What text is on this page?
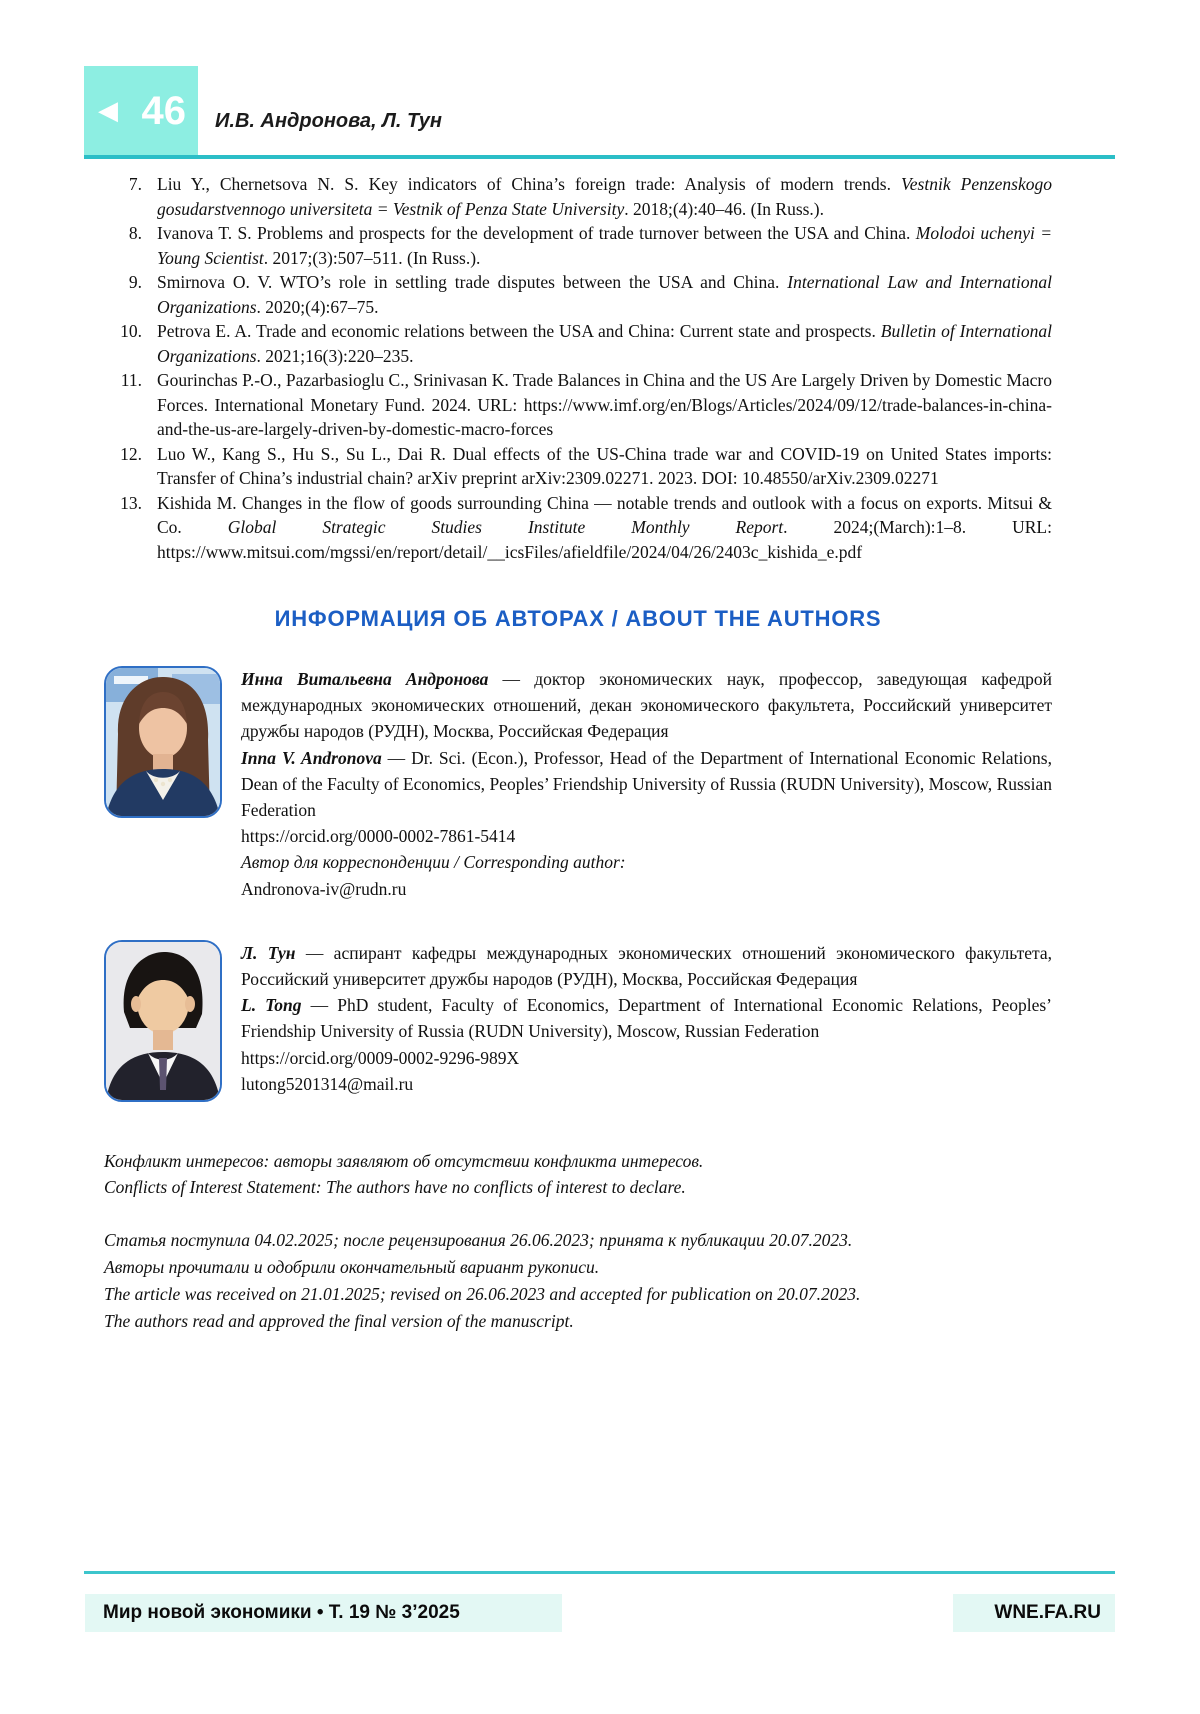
◀ 46 И.В. Андронова, Л. Тун
7. Liu Y., Chernetsova N. S. Key indicators of China’s foreign trade: Analysis of modern trends. Vestnik Penzenskogo gosudarstvennogo universiteta = Vestnik of Penza State University. 2018;(4):40–46. (In Russ.).
8. Ivanova T. S. Problems and prospects for the development of trade turnover between the USA and China. Molodoi uchenyi = Young Scientist. 2017;(3):507–511. (In Russ.).
9. Smirnova O. V. WTO’s role in settling trade disputes between the USA and China. International Law and International Organizations. 2020;(4):67–75.
10. Petrova E. A. Trade and economic relations between the USA and China: Current state and prospects. Bulletin of International Organizations. 2021;16(3):220–235.
11. Gourinchas P.-O., Pazarbasioglu C., Srinivasan K. Trade Balances in China and the US Are Largely Driven by Domestic Macro Forces. International Monetary Fund. 2024. URL: https://www.imf.org/en/Blogs/Articles/2024/09/12/trade-balances-in-china-and-the-us-are-largely-driven-by-domestic-macro-forces
12. Luo W., Kang S., Hu S., Su L., Dai R. Dual effects of the US-China trade war and COVID-19 on United States imports: Transfer of China’s industrial chain? arXiv preprint arXiv:2309.02271. 2023. DOI: 10.48550/arXiv.2309.02271
13. Kishida M. Changes in the flow of goods surrounding China — notable trends and outlook with a focus on exports. Mitsui & Co. Global Strategic Studies Institute Monthly Report. 2024;(March):1–8. URL: https://www.mitsui.com/mgssi/en/report/detail/__icsFiles/afieldfile/2024/04/26/2403c_kishida_e.pdf
ИНФОРМАЦИЯ ОБ АВТОРАХ / ABOUT THE AUTHORS

Инна Витальевна Андронова — доктор экономических наук, профессор, заведующая кафедрой международных экономических отношений, декан экономического факультета, Российский университет дружбы народов (РУДН), Москва, Российская Федерация

Inna V. Andronova — Dr. Sci. (Econ.), Professor, Head of the Department of International Economic Relations, Dean of the Faculty of Economics, Peoples’ Friendship University of Russia (RUDN University), Moscow, Russian Federation

https://orcid.org/0000-0002-7861-5414

Автор для корреспонденции / Corresponding author:

Andronova-iv@rudn.ru

Л. Тун — аспирант кафедры международных экономических отношений экономического факультета, Российский университет дружбы народов (РУДН), Москва, Российская Федерация

L. Tong — PhD student, Faculty of Economics, Department of International Economic Relations, Peoples’ Friendship University of Russia (RUDN University), Moscow, Russian Federation

https://orcid.org/0009-0002-9296-989X

lutong5201314@mail.ru

Конфликт интересов: авторы заявляют об отсутствии конфликта интересов.

Conflicts of Interest Statement: The authors have no conflicts of interest to declare.

Статья поступила 04.02.2025; после рецензирования 26.06.2023; принята к публикации 20.07.2023.

Авторы прочитали и одобрили окончательный вариант рукописи.

The article was received on 21.01.2025; revised on 26.06.2023 and accepted for publication on 20.07.2023.

The authors read and approved the final version of the manuscript.

Мир новой экономики • Т. 19 № 3’2025	WNE.FA.RU
